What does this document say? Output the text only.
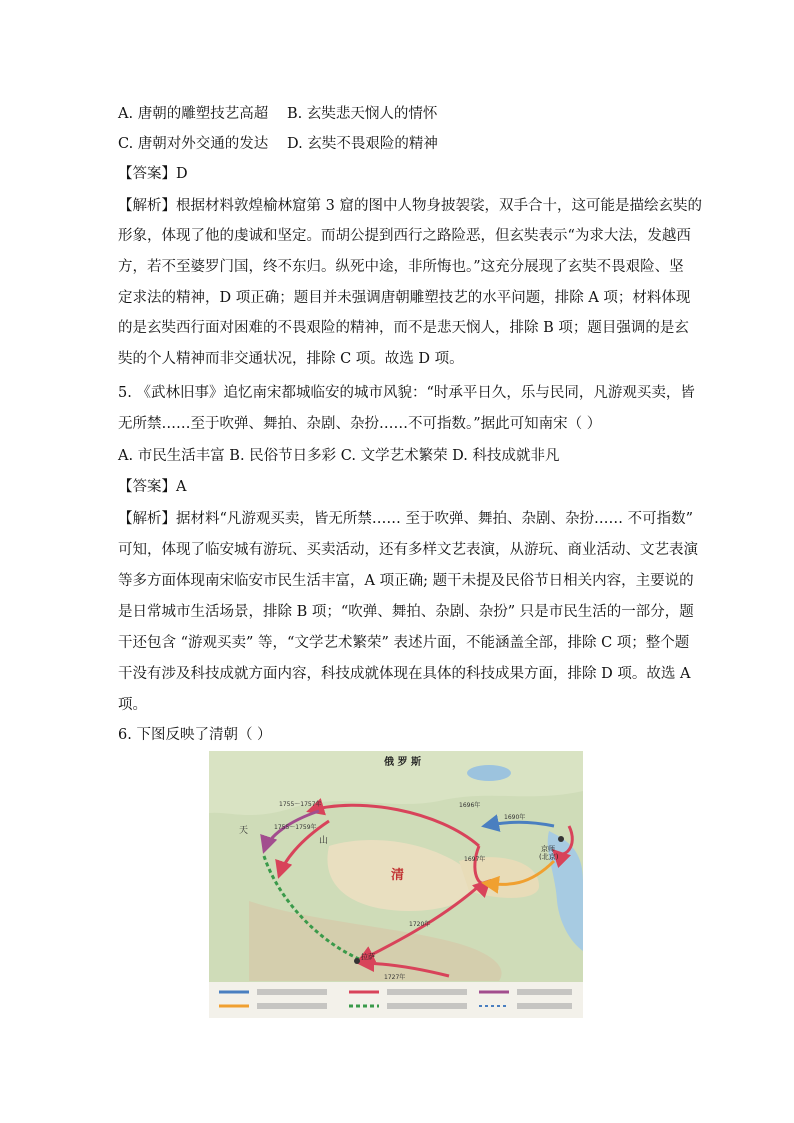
A. 唐朝的雕塑技艺高超 B. 玄奘悲天悯人的情怀
C. 唐朝对外交通的发达 D. 玄奘不畏艰险的精神
【答案】D
【解析】根据材料敦煌榆林窟第 3 窟的图中人物身披袈裟，双手合十，这可能是描绘玄奘的
形象，体现了他的虔诚和坚定。而胡公提到西行之路险恶，但玄奘表示“为求大法，发越西
方，若不至婆罗门国，终不东归。纵死中途，非所悔也。”这充分展现了玄奘不畏艰险、坚
定求法的精神，D 项正确；题目并未强调唐朝雕塑技艺的水平问题，排除 A 项；材料体现
的是玄奘西行面对困难的不畏艰险的精神，而不是悲天悯人，排除 B 项；题目强调的是玄
奘的个人精神而非交通状况，排除 C 项。故选 D 项。
5. 《武林旧事》追忆南宋都城临安的城市风貌：“时承平日久，乐与民同，凡游观买卖，皆
无所禁……至于吹弹、舞拍、杂剧、杂扮……不可指数。”据此可知南宋（ ）
A. 市民生活丰富 B. 民俗节日多彩 C. 文学艺术繁荣 D. 科技成就非凡
【答案】A
【解析】据材料“凡游观买卖，皆无所禁…… 至于吹弹、舞拍、杂剧、杂扮…… 不可指数”
可知，体现了临安城有游玩、买卖活动，还有多样文艺表演，从游玩、商业活动、文艺表演
等多方面体现南宋临安市民生活丰富，A 项正确; 题干未提及民俗节日相关内容，主要说的
是日常城市生活场景，排除 B 项；“吹弹、舞拍、杂剧、杂扮” 只是市民生活的一部分，题
干还包含 “游观买卖” 等，“文学艺术繁荣” 表述片面，不能涵盖全部，排除 C 项；整个题
干没有涉及科技成就方面内容，科技成就体现在具体的科技成果方面，排除 D 项。故选 A
项。
6. 下图反映了清朝（ ）
俄 罗 斯
清
京师
(北京)
拉萨
天
山
1690年
1696年
1697年
1727年
1755～1757年
1755～1759年
1720年
